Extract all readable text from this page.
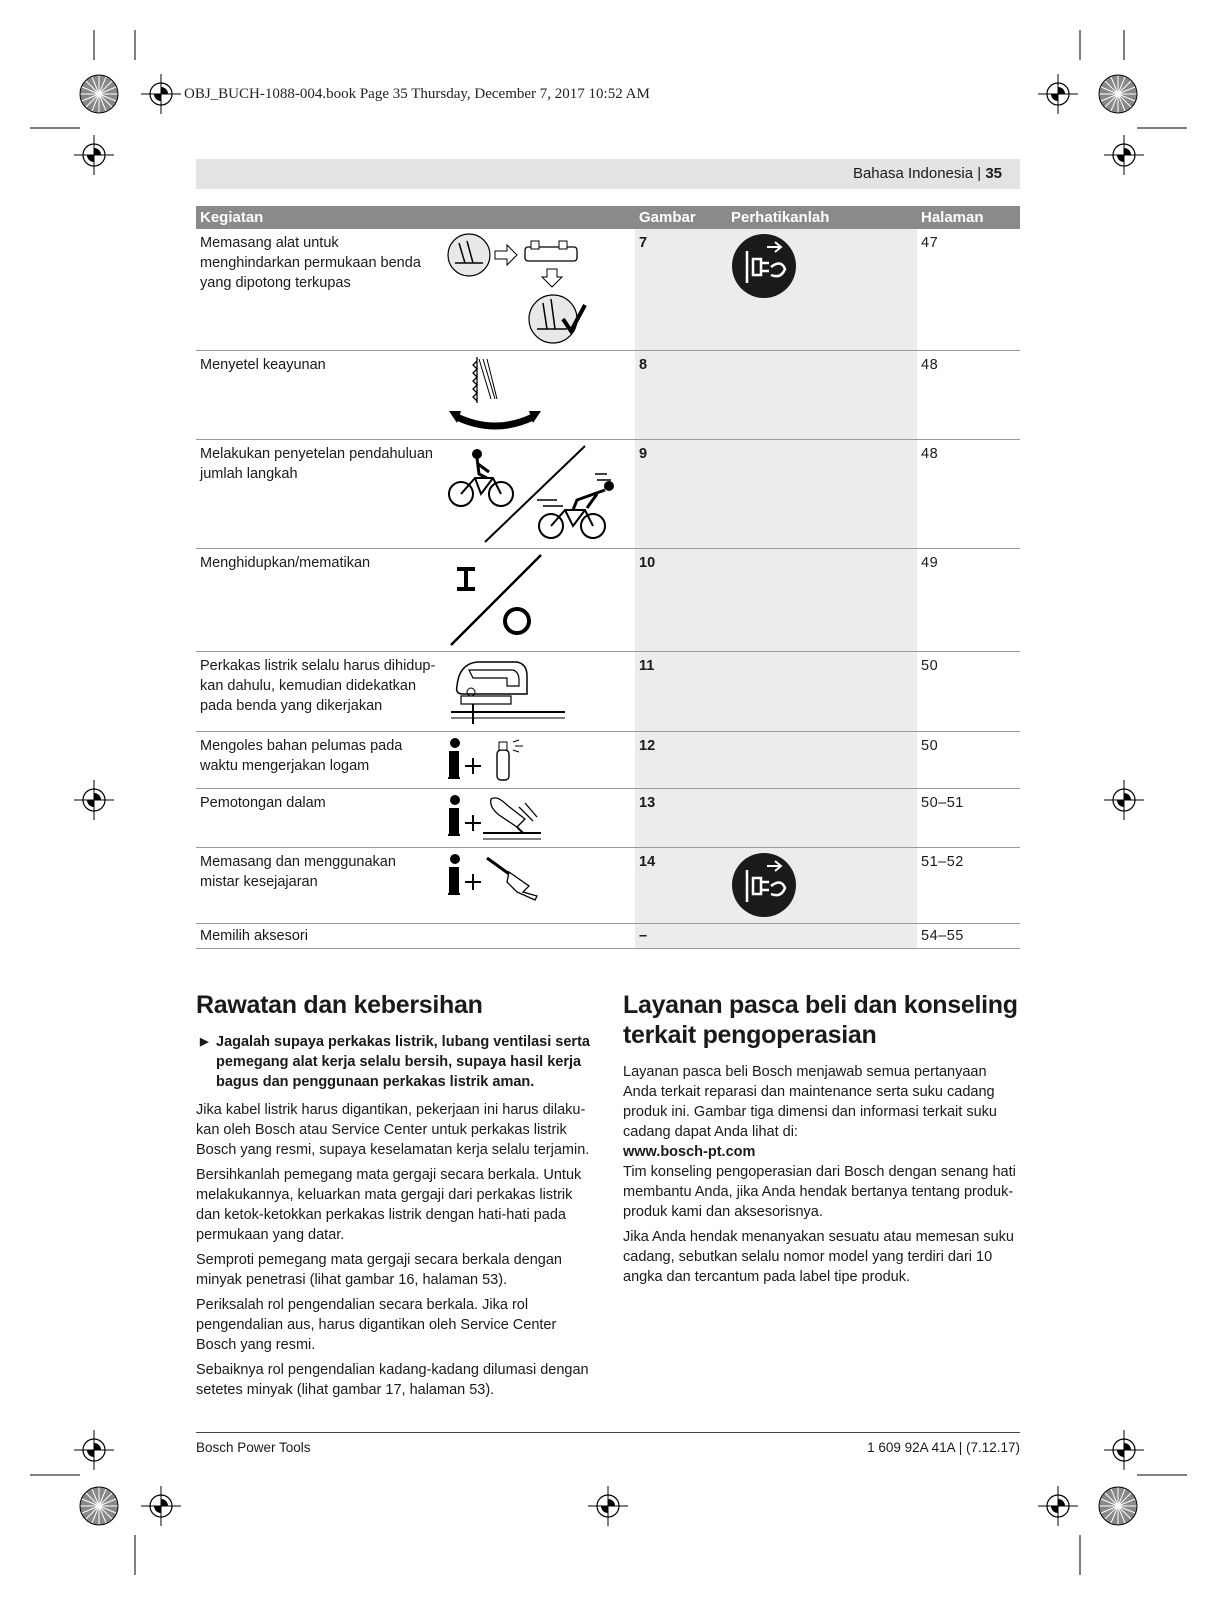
OBJ_BUCH-1088-004.book Page 35 Thursday, December 7, 2017 10:52 AM
Bahasa Indonesia | 35
Kegiatan		Gambar	Perhatikanlah	Halaman
Memasang alat untuk menghindarkan permukaan benda yang dipotong terkupas		7		47
Menyetel keayunan		8		48
Melakukan penyetelan pendahuluan jumlah langkah		9		48
Menghidupkan/mematikan		10		49
Perkakas listrik selalu harus dihidup-kan dahulu, kemudian didekatkan pada benda yang dikerjakan		11		50
Mengoles bahan pelumas pada waktu mengerjakan logam		12		50
Pemotongan dalam		13		50–51
Memasang dan menggunakan mistar kesejajaran		14		51–52
Memilih aksesori		–		54–55
Rawatan dan kebersihan

▶ Jagalah supaya perkakas listrik, lubang ventilasi serta pemegang alat kerja selalu bersih, supaya hasil kerja bagus dan penggunaan perkakas listrik aman.

Jika kabel listrik harus digantikan, pekerjaan ini harus dilaku-kan oleh Bosch atau Service Center untuk perkakas listrik Bosch yang resmi, supaya keselamatan kerja selalu terjamin.

Bersihkanlah pemegang mata gergaji secara berkala. Untuk melakukannya, keluarkan mata gergaji dari perkakas listrik dan ketok-ketokkan perkakas listrik dengan hati-hati pada permukaan yang datar.

Semproti pemegang mata gergaji secara berkala dengan minyak penetrasi (lihat gambar 16, halaman 53).

Periksalah rol pengendalian secara berkala. Jika rol pengendalian aus, harus digantikan oleh Service Center Bosch yang resmi.

Sebaiknya rol pengendalian kadang-kadang dilumasi dengan setetes minyak (lihat gambar 17, halaman 53).

Layanan pasca beli dan konseling terkait pengoperasian

Layanan pasca beli Bosch menjawab semua pertanyaan Anda terkait reparasi dan maintenance serta suku cadang produk ini. Gambar tiga dimensi dan informasi terkait suku cadang dapat Anda lihat di:

www.bosch-pt.com

Tim konseling pengoperasian dari Bosch dengan senang hati membantu Anda, jika Anda hendak bertanya tentang produk-produk kami dan aksesorisnya.

Jika Anda hendak menanyakan sesuatu atau memesan suku cadang, sebutkan selalu nomor model yang terdiri dari 10 angka dan tercantum pada label tipe produk.

Bosch Power Tools	1 609 92A 41A | (7.12.17)
